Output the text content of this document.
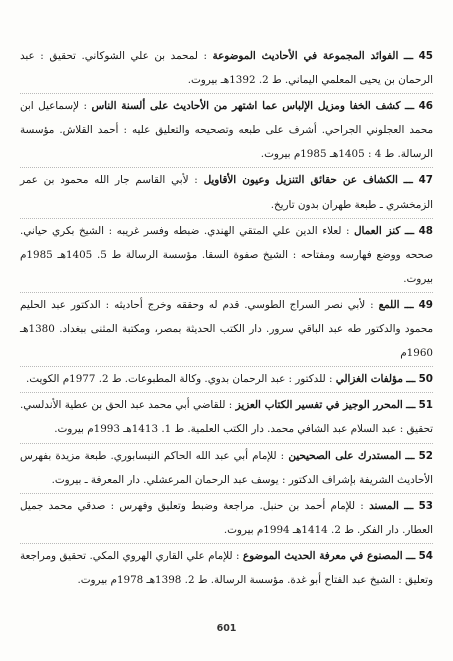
45 ـــ الفوائد المجموعة في الأحاديث الموضوعة : لمحمد بن علي الشوكاني. تحقيق : عبد الرحمان بن يحيى المعلمي اليماني. ط 2. 1392هـ بيروت.

46 ـــ كشف الخفا ومزيل الإلباس عما اشتهر من الأحاديث على ألسنة الناس : لإسماعيل ابن محمد العجلوني الجراحي. أشرف على طبعه وتصحيحه والتعليق عليه : أحمد القلاش. مؤسسة الرسالة. ط 4 : 1405هـ 1985م بيروت.

47 ـــ الكشاف عن حقائق التنزيل وعيون الأقاويل : لأبي القاسم جار الله محمود بن عمر الزمخشري ـ طبعة طهران بدون تاريخ.

48 ـــ كنز العمال : لعلاء الدين علي المتقي الهندي. ضبطه وفسر غريبه : الشيخ بكري حياني. صححه ووضع فهارسه ومفتاحه : الشيخ صفوة السقا. مؤسسة الرسالة ط 5. 1405هـ 1985م بيروت.

49 ـــ اللمع : لأبي نصر السراج الطوسي. قدم له وحققه وخرج أحاديثه : الدكتور عبد الحليم محمود والدكتور طه عبد الباقي سرور. دار الكتب الحديثة بمصر، ومكتبة المثنى ببغداد. 1380هـ 1960م

50 ـــ مؤلفات الغزالي : للدكتور : عبد الرحمان بدوي. وكالة المطبوعات. ط 2. 1977م الكويت.

51 ـــ المحرر الوجيز في تفسير الكتاب العزيز : للقاضي أبي محمد عبد الحق بن عطية الأندلسي. تحقيق : عبد السلام عبد الشافي محمد. دار الكتب العلمية. ط 1. 1413هـ 1993م بيروت.

52 ـــ المستدرك على الصحيحين : للإمام أبي عبد الله الحاكم النيسابوري. طبعة مزيدة بفهرس الأحاديث الشريفة بإشراف الدكتور : يوسف عبد الرحمان المرعشلي. دار المعرفة ـ بيروت.

53 ـــ المسند : للإمام أحمد بن حنبل. مراجعة وضبط وتعليق وفهرس : صدقي محمد جميل العطار. دار الفكر. ط 2. 1414هـ 1994م بيروت.

54 ـــ المصنوع في معرفة الحديث الموضوع : للإمام علي القاري الهروي المكي. تحقيق ومراجعة وتعليق : الشيخ عبد الفتاح أبو غدة. مؤسسة الرسالة. ط 2. 1398هـ 1978م بيروت.

601
